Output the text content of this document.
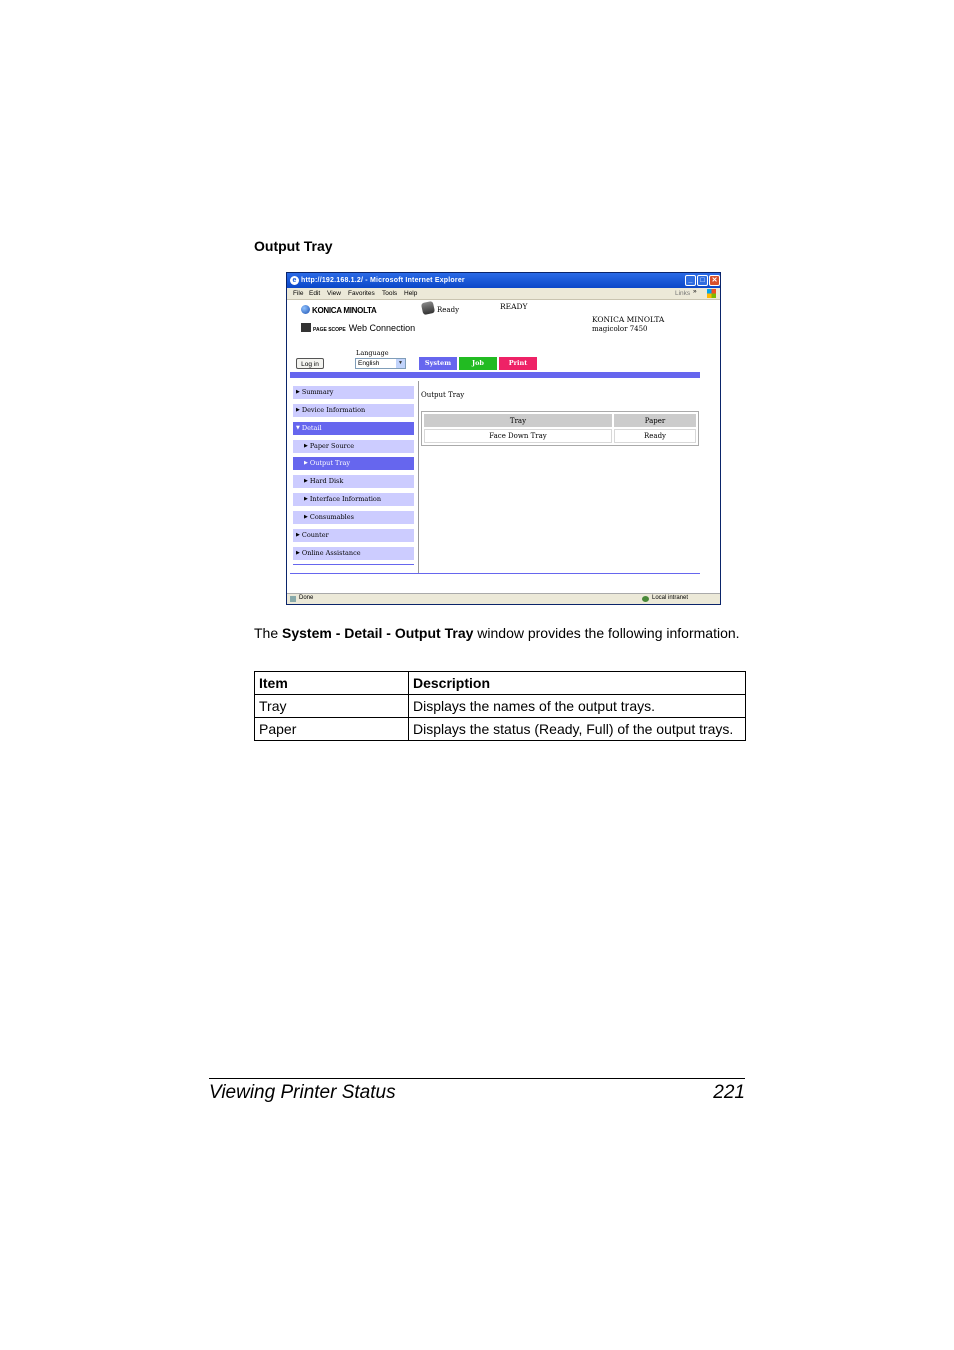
Output Tray
e http://192.168.1.2/ - Microsoft Internet Explorer	_	□ ✕
File Edit View Favorites Tools Help	Links »
KONICA MINOLTA
PAGE SCOPE Web Connection
Ready	READY
KONICA MINOLTA
magicolor 7450
Log in
Language
English	▼	System	Job	Print
▶ Summary
▶ Device Information
▼ Detail
▶ Paper Source
▶ Output Tray
▶ Hard Disk
▶ Interface Information
▶ Consumables
▶ Counter
▶ Online Assistance
Output Tray
Tray	Paper
Face Down Tray	Ready
Done	Local intranet
The System - Detail - Output Tray window provides the following information.
Item	Description
Tray	Displays the names of the output trays.
Paper	Displays the status (Ready, Full) of the output trays.
Viewing Printer Status	221
